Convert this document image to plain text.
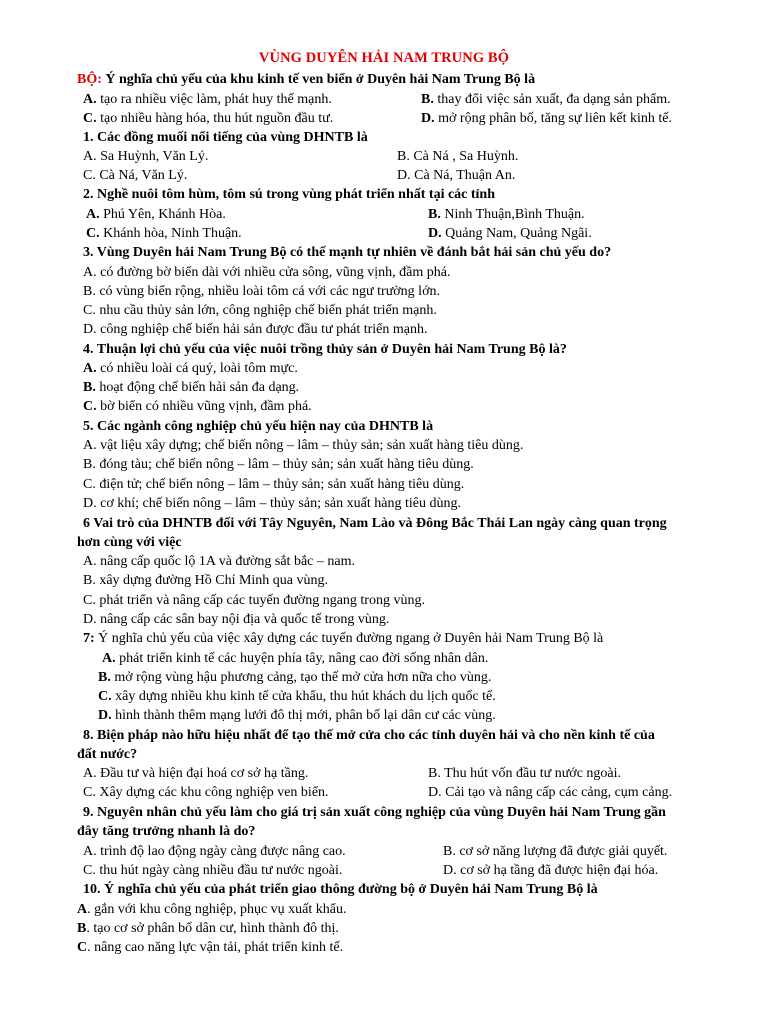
VÙNG DUYÊN HẢI NAM TRUNG BỘ
BỘ: Ý nghĩa chủ yếu của khu kinh tế ven biển ở Duyên hải Nam Trung Bộ là
A. tạo ra nhiều việc làm, phát huy thế mạnh.	B. thay đổi việc sản xuất, đa dạng sản phẩm.
C. tạo nhiều hàng hóa, thu hút nguồn đầu tư.	D. mở rộng phân bố, tăng sự liên kết kinh tế.
1. Các đồng muối nổi tiếng của vùng DHNTB là
A. Sa Huỳnh, Văn Lý.	B. Cà Ná , Sa Huỳnh.
C. Cà Ná, Văn Lý.	D. Cà Ná, Thuận An.
2. Nghề nuôi tôm hùm, tôm sú trong vùng phát triển nhất tại các tỉnh
A. Phú Yên, Khánh Hòa.	B. Ninh Thuận,Bình Thuận.
C. Khánh hòa, Ninh Thuận.	D. Quảng Nam, Quảng Ngãi.
3. Vùng Duyên hải Nam Trung Bộ có thế mạnh tự nhiên về đánh bắt hải sản chủ yếu do?
A. có đường bờ biển dài với nhiều cửa sông, vũng vịnh, đầm phá.
B. có vùng biển rộng, nhiều loài tôm cá với các ngư trường lớn.
C. nhu cầu thủy sản lớn, công nghiệp chế biến phát triển mạnh.
D. công nghiệp chế biến hải sản được đầu tư phát triển mạnh.
4. Thuận lợi chủ yếu của việc nuôi trồng thủy sản ở Duyên hải Nam Trung Bộ là?
A. có nhiều loài cá quý, loài tôm mực.
B. hoạt động chế biến hải sản đa dạng.
C. bờ biển có nhiều vũng vịnh, đầm phá.
5. Các ngành công nghiệp chủ yếu hiện nay của DHNTB là
A. vật liệu xây dựng; chế biến nông – lâm – thủy sản; sản xuất hàng tiêu dùng.
B. đóng tàu; chế biến nông – lâm – thủy sản; sản xuất hàng tiêu dùng.
C. điện tử; chế biến nông – lâm – thủy sản; sản xuất hàng tiêu dùng.
D. cơ khí; chế biến nông – lâm – thủy sản; sản xuất hàng tiêu dùng.
6 Vai trò của DHNTB đối với Tây Nguyên, Nam Lào và Đông Bắc Thái Lan ngày càng quan trọng
hơn cùng với việc
A. nâng cấp quốc lộ 1A và đường sắt bắc – nam.
B. xây dựng đường Hồ Chí Minh qua vùng.
C. phát triển và nâng cấp các tuyến đường ngang trong vùng.
D. nâng cấp các sân bay nội địa và quốc tế trong vùng.
7: Ý nghĩa chủ yếu của việc xây dựng các tuyến đường ngang ở Duyên hải Nam Trung Bộ là
A. phát triển kinh tế các huyện phía tây, nâng cao đời sống nhân dân.
B. mở rộng vùng hậu phương cảng, tạo thế mở cửa hơn nữa cho vùng.
C. xây dựng nhiều khu kinh tế cửa khẩu, thu hút khách du lịch quốc tế.
D. hình thành thêm mạng lưới đô thị mới, phân bố lại dân cư các vùng.
8. Biện pháp nào hữu hiệu nhất để tạo thế mở cửa cho các tỉnh duyên hải và cho nền kinh tế của
đất nước?
A. Đầu tư và hiện đại hoá cơ sở hạ tầng.	B. Thu hút vốn đầu tư nước ngoài.
C. Xây dựng các khu công nghiệp ven biển.	D. Cải tạo và nâng cấp các cảng, cụm cảng.
9. Nguyên nhân chủ yếu làm cho giá trị sản xuất công nghiệp của vùng Duyên hải Nam Trung gần
đây tăng trưởng nhanh là do?
A. trình độ lao động ngày càng được nâng cao.	B. cơ sở năng lượng đã được giải quyết.
C. thu hút ngày càng nhiều đầu tư nước ngoài.	D. cơ sở hạ tầng đã được hiện đại hóa.
10. Ý nghĩa chủ yếu của phát triển giao thông đường bộ ở Duyên hải Nam Trung Bộ là
A. gắn với khu công nghiệp, phục vụ xuất khẩu.
B. tạo cơ sở phân bố dân cư, hình thành đô thị.
C. nâng cao năng lực vận tải, phát triển kinh tế.
